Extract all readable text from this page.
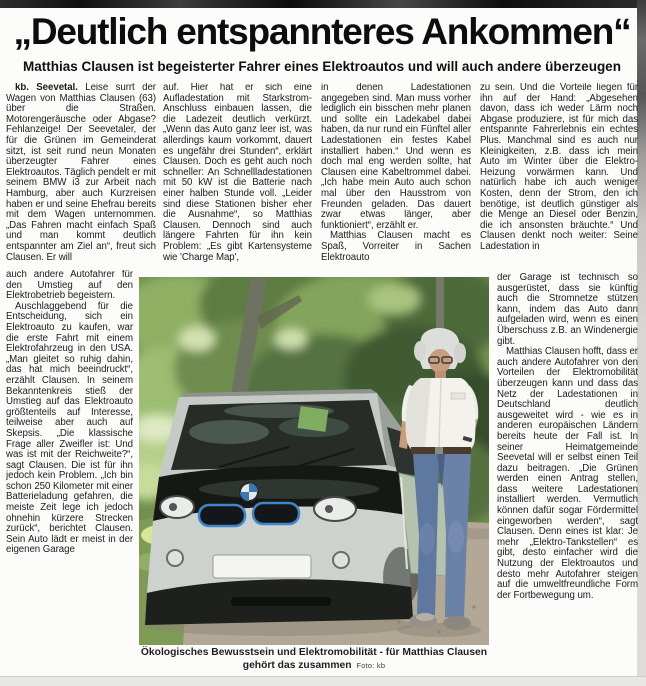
„Deutlich entspannteres Ankommen“
Matthias Clausen ist begeisterter Fahrer eines Elektroautos und will auch andere überzeugen

kb. Seevetal. Leise surrt der Wagen von Matthias Clausen (63) über die Straßen. Motorengeräusche oder Abgase? Fehlanzeige! Der Seevetaler, der für die Grünen im Gemeinderat sitzt, ist seit rund neun Monaten überzeugter Fahrer eines Elektroautos. Täglich pendelt er mit seinem BMW i3 zur Arbeit nach Hamburg, aber auch Kurzreisen haben er und seine Ehefrau bereits mit dem Wagen unternommen. „Das Fahren macht einfach Spaß und man kommt deutlich entspannter am Ziel an“, freut sich Clausen. Er will

auch andere Autofahrer für den Umstieg auf den Elektrobetrieb begeistern.

Auschlaggebend für die Entscheidung, sich ein Elektroauto zu kaufen, war die erste Fahrt mit einem Elektrofahrzeug in den USA. „Man gleitet so ruhig dahin, das hat mich beeindruckt“, erzählt Clausen. In seinem Bekanntenkreis stieß der Umstieg auf das Elektroauto größtenteils auf Interesse, teilweise aber auch auf Skepsis. „Die klassische Frage aller Zweifler ist: Und was ist mit der Reichweite?“, sagt Clausen. Die ist für ihn jedoch kein Problem. „Ich bin schon 250 Kilometer mit einer Batterieladung gefahren, die meiste Zeit lege ich jedoch ohnehin kürzere Strecken zurück“, berichtet Clausen. Sein Auto lädt er meist in der eigenen Garage

auf. Hier hat er sich eine Aufladestation mit Starkstrom-Anschluss einbauen lassen, die die Ladezeit deutlich verkürzt. „Wenn das Auto ganz leer ist, was allerdings kaum vorkommt, dauert es ungefähr drei Stunden“, erklärt Clausen. Doch es geht auch noch schneller: An Schnellladestationen mit 50 kW ist die Batterie nach einer halben Stunde voll. „Leider sind diese Stationen bisher eher die Ausnahme“, so Matthias Clausen. Dennoch sind auch längere Fahrten für ihn kein Problem: „Es gibt Kartensysteme wie 'Charge Map',

in denen Ladestationen angegeben sind. Man muss vorher lediglich ein bisschen mehr planen und sollte ein Ladekabel dabei haben, da nur rund ein Fünftel aller Ladestationen ein festes Kabel installiert haben.“ Und wenn es doch mal eng werden sollte, hat Clausen eine Kabeltrommel dabei. „Ich habe mein Auto auch schon mal über den Hausstrom von Freunden geladen. Das dauert zwar etwas länger, aber funktioniert“, erzählt er.

Matthias Clausen macht es Spaß, Vorreiter in Sachen Elektroauto

zu sein. Und die Vorteile liegen für ihn auf der Hand: „Abgesehen davon, dass ich weder Lärm noch Abgase produziere, ist für mich das entspannte Fahrerlebnis ein echtes Plus. Manchmal sind es auch nur Kleinigkeiten, z.B. dass ich mein Auto im Winter über die Elektro-Heizung vorwärmen kann. Und natürlich habe ich auch weniger Kosten, denn der Strom, den ich benötige, ist deutlich günstiger als die Menge an Diesel oder Benzin, die ich ansonsten bräuchte.“ Und Clausen denkt noch weiter: Seine Ladestation in

der Garage ist technisch so ausgerüstet, dass sie künftig auch die Stromnetze stützen kann, indem das Auto dann aufgeladen wird, wenn es einen Überschuss z.B. an Windenergie gibt.

Matthias Clausen hofft, dass er auch andere Autofahrer von den Vorteilen der Elektromobilität überzeugen kann und dass das Netz der Ladestationen in Deutschland deutlich ausgeweitet wird - wie es in anderen europäischen Ländern bereits heute der Fall ist. In seiner Heimatgemeinde Seevetal will er selbst einen Teil dazu beitragen. „Die Grünen werden einen Antrag stellen, dass weitere Ladestationen installiert werden. Vermutlich können dafür sogar Fördermittel eingeworben werden“, sagt Clausen. Denn eines ist klar: Je mehr „Elektro-Tankstellen“ es gibt, desto einfacher wird die Nutzung der Elektroautos und desto mehr Autofahrer steigen auf die umweltfreundliche Form der Fortbewegung um.

Ökologisches Bewusstsein und Elektromobilität - für Matthias Clausen gehört das zusammen Foto: kb
